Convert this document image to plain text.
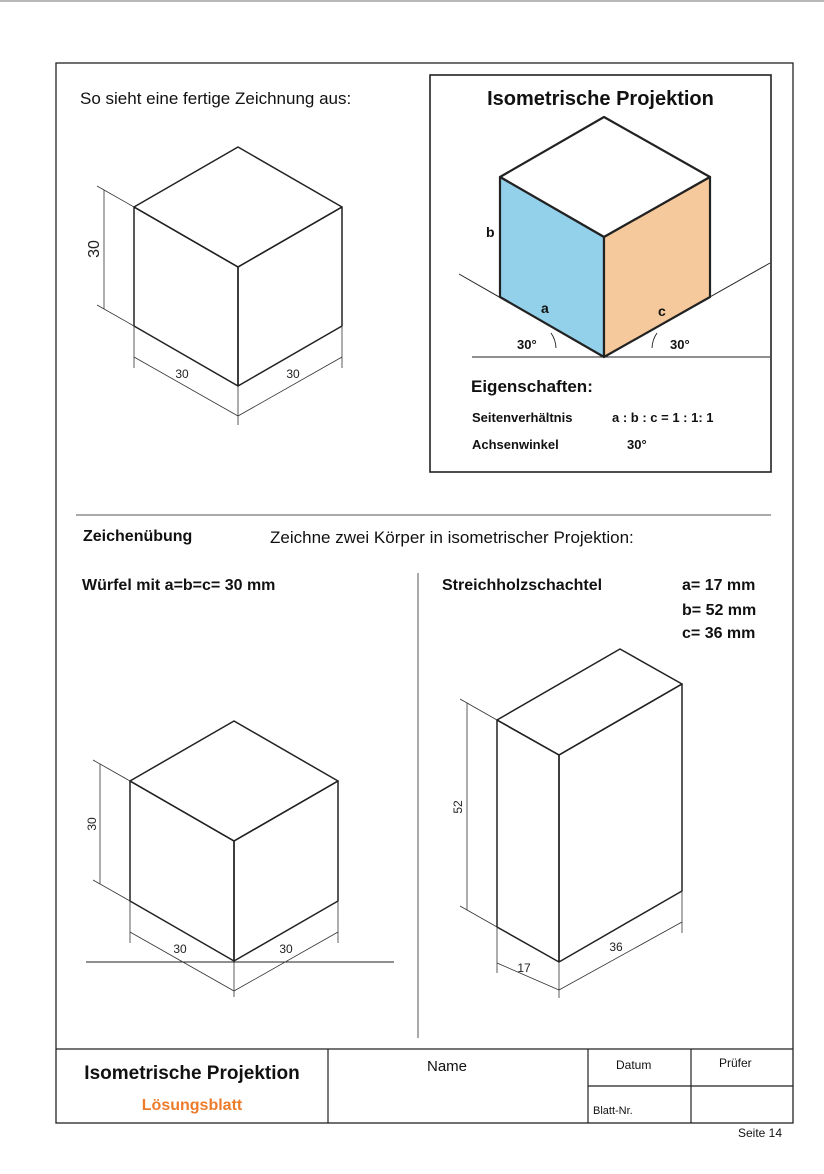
30
30	30
b
a	c
30°	30°
30
30	30
52
17
36
So sieht eine fertige Zeichnung aus:	Isometrische Projektion
Eigenschaften:
Seitenverhältnis	a : b : c = 1 : 1: 1
Achsenwinkel	30°
Zeichenübung	Zeichne zwei Körper in isometrischer Projektion:
Würfel mit a=b=c= 30 mm	Streichholzschachtel	a= 17 mm
b= 52 mm
c= 36 mm
Isometrische Projektion
Lösungsblatt
Name	Datum	Prüfer
Blatt-Nr.
Seite 14
